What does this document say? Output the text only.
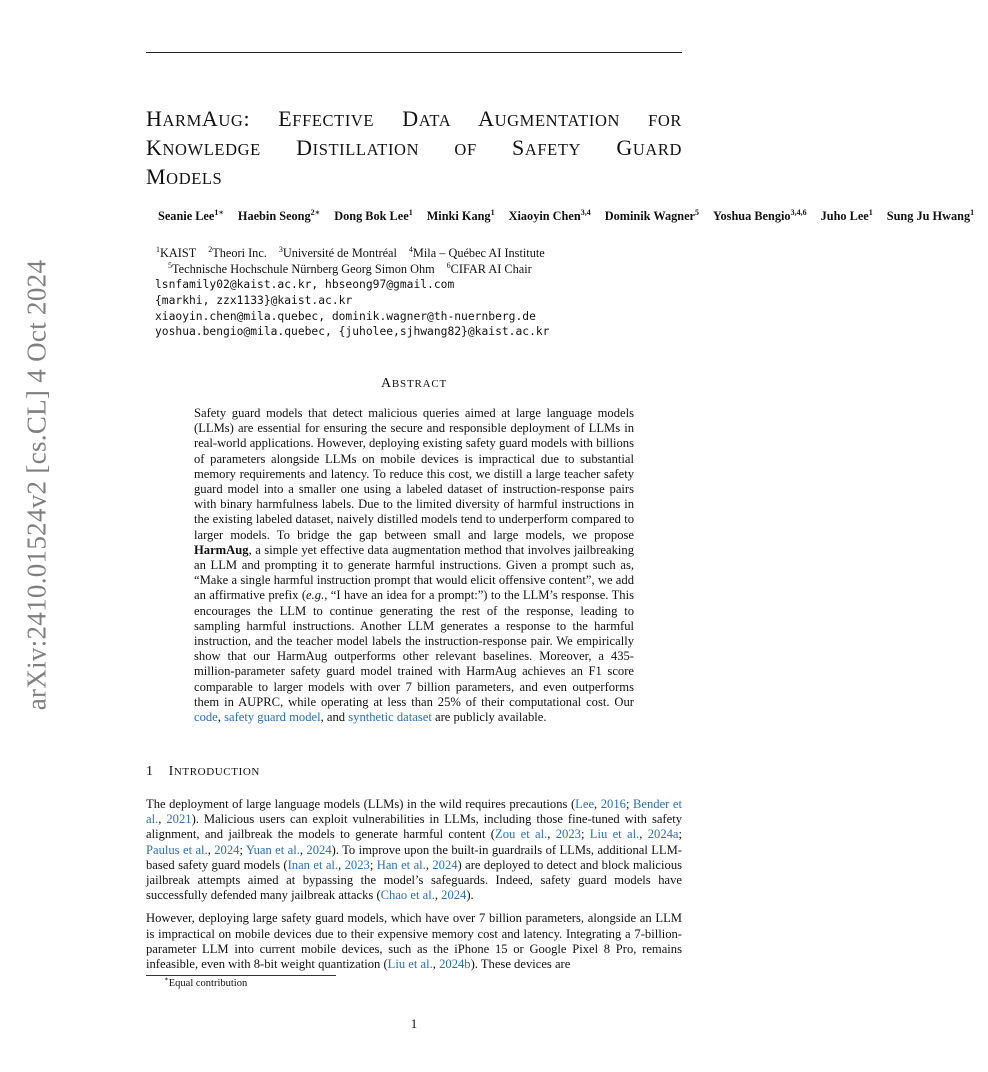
arXiv:2410.01524v2 [cs.CL] 4 Oct 2024
HARMAUG: EFFECTIVE DATA AUGMENTATION FOR
KNOWLEDGE DISTILLATION OF SAFETY GUARD
MODELS
Seanie Lee$^{1∗}$ Haebin Seong$^{2∗}$ Dong Bok Lee$^1$ Minki Kang$^1$ Xiaoyin Chen$^{3,4}$ Dominik Wagner$^5$ Yoshua Bengio$^{3,4,6}$ Juho Lee$^1$ Sung Ju Hwang$^1$
$^1$KAIST $^2$Theori Inc. $^3$Université de Montréal $^4$Mila – Québec AI Institute
$^5$Technische Hochschule Nürnberg Georg Simon Ohm $^6$CIFAR AI Chair
lsnfamily02@kaist.ac.kr, hbseong97@gmail.com
{markhi, zzx1133}@kaist.ac.kr
xiaoyin.chen@mila.quebec, dominik.wagner@th-nuernberg.de
yoshua.bengio@mila.quebec, {juholee,sjhwang82}@kaist.ac.kr
ABSTRACT

Safety guard models that detect malicious queries aimed at large language models (LLMs) are essential for ensuring the secure and responsible deployment of LLMs in real-world applications. However, deploying existing safety guard models with billions of parameters alongside LLMs on mobile devices is impractical due to substantial memory requirements and latency. To reduce this cost, we distill a large teacher safety guard model into a smaller one using a labeled dataset of instruction-response pairs with binary harmfulness labels. Due to the limited diversity of harmful instructions in the existing labeled dataset, naively distilled models tend to underperform compared to larger models. To bridge the gap between small and large models, we propose HarmAug, a simple yet effective data augmentation method that involves jailbreaking an LLM and prompting it to generate harmful instructions. Given a prompt such as, “Make a single harmful instruction prompt that would elicit offensive content”, we add an affirmative prefix (e.g., “I have an idea for a prompt:”) to the LLM’s response. This encourages the LLM to continue generating the rest of the response, leading to sampling harmful instructions. Another LLM generates a response to the harmful instruction, and the teacher model labels the instruction-response pair. We empirically show that our HarmAug outperforms other relevant baselines. Moreover, a 435-million-parameter safety guard model trained with HarmAug achieves an F1 score comparable to larger models with over 7 billion parameters, and even outperforms them in AUPRC, while operating at less than 25% of their computational cost. Our code, safety guard model, and synthetic dataset are publicly available.

1 INTRODUCTION

The deployment of large language models (LLMs) in the wild requires precautions (Lee, 2016; Bender et al., 2021). Malicious users can exploit vulnerabilities in LLMs, including those fine-tuned with safety alignment, and jailbreak the models to generate harmful content (Zou et al., 2023; Liu et al., 2024a; Paulus et al., 2024; Yuan et al., 2024). To improve upon the built-in guardrails of LLMs, additional LLM-based safety guard models (Inan et al., 2023; Han et al., 2024) are deployed to detect and block malicious jailbreak attempts aimed at bypassing the model’s safeguards. Indeed, safety guard models have successfully defended many jailbreak attacks (Chao et al., 2024).

However, deploying large safety guard models, which have over 7 billion parameters, alongside an LLM is impractical on mobile devices due to their expensive memory cost and latency. Integrating a 7-billion-parameter LLM into current mobile devices, such as the iPhone 15 or Google Pixel 8 Pro, remains infeasible, even with 8-bit weight quantization (Liu et al., 2024b). These devices are

∗Equal contribution
1
